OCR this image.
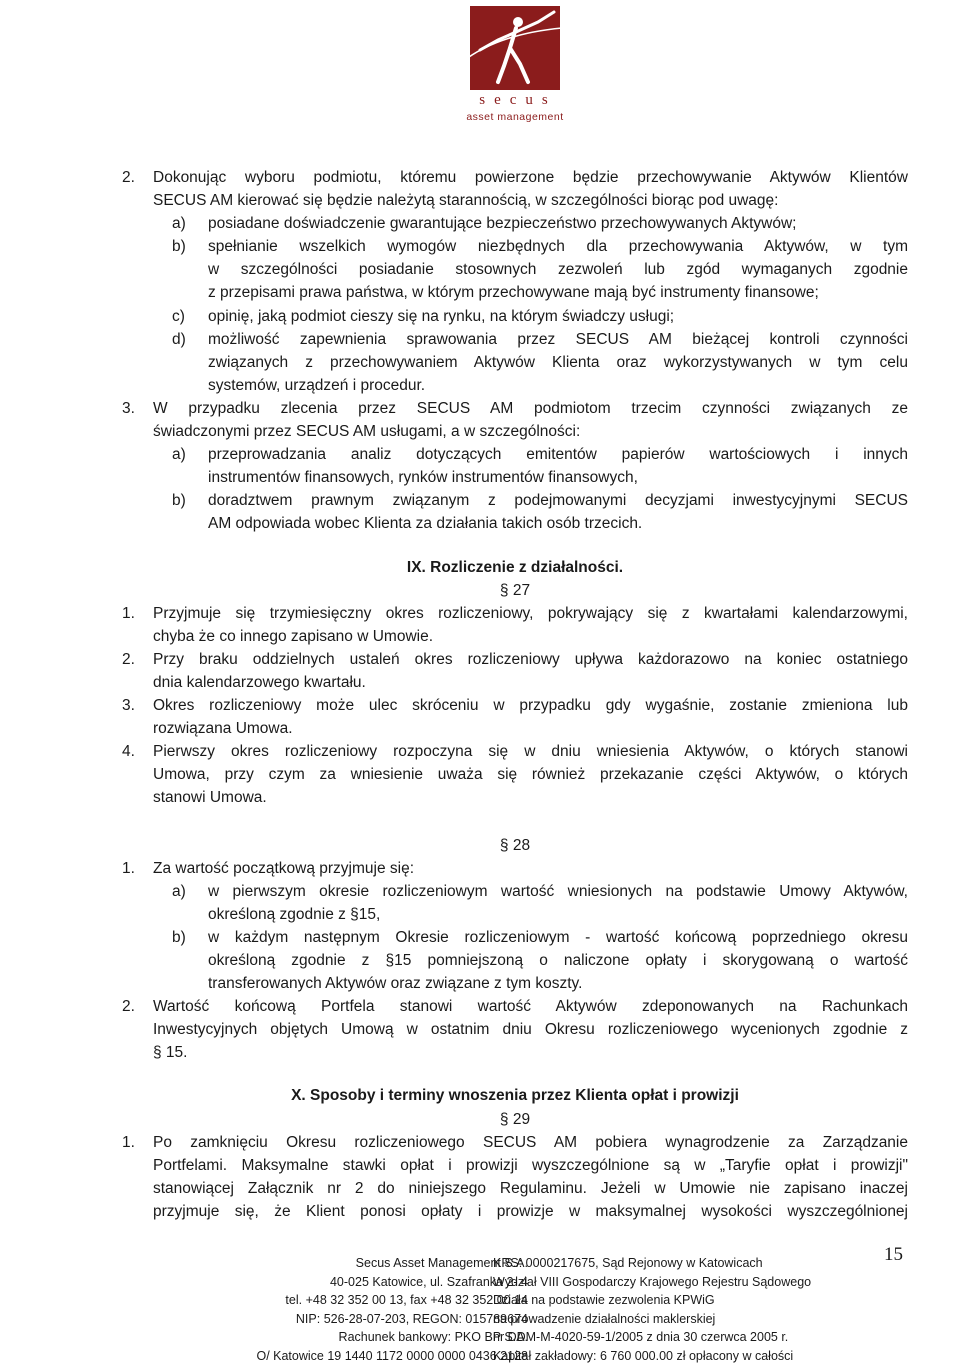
secus
asset management
2. Dokonując wyboru podmiotu, któremu powierzone będzie przechowywanie Aktywów Klientów
SECUS AM kierować się będzie należytą starannością, w szczególności biorąc pod uwagę:
a) posiadane doświadczenie gwarantujące bezpieczeństwo przechowywanych Aktywów;
b) spełnianie wszelkich wymogów niezbędnych dla przechowywania Aktywów, w tym
w szczególności posiadanie stosownych zezwoleń lub zgód wymaganych zgodnie
z przepisami prawa państwa, w którym przechowywane mają być instrumenty finansowe;
c) opinię, jaką podmiot cieszy się na rynku, na którym świadczy usługi;
d) możliwość zapewnienia sprawowania przez SECUS AM bieżącej kontroli czynności
związanych z przechowywaniem Aktywów Klienta oraz wykorzystywanych w tym celu
systemów, urządzeń i procedur.
3. W przypadku zlecenia przez SECUS AM podmiotom trzecim czynności związanych ze
świadczonymi przez SECUS AM usługami, a w szczególności:
a) przeprowadzania analiz dotyczących emitentów papierów wartościowych i innych
instrumentów finansowych, rynków instrumentów finansowych,
b) doradztwem prawnym związanym z podejmowanymi decyzjami inwestycyjnymi SECUS
AM odpowiada wobec Klienta za działania takich osób trzecich.
IX. Rozliczenie z działalności.
§ 27
1. Przyjmuje się trzymiesięczny okres rozliczeniowy, pokrywający się z kwartałami kalendarzowymi,
chyba że co innego zapisano w Umowie.
2. Przy braku oddzielnych ustaleń okres rozliczeniowy upływa każdorazowo na koniec ostatniego
dnia kalendarzowego kwartału.
3. Okres rozliczeniowy może ulec skróceniu w przypadku gdy wygaśnie, zostanie zmieniona lub
rozwiązana Umowa.
4. Pierwszy okres rozliczeniowy rozpoczyna się w dniu wniesienia Aktywów, o których stanowi
Umowa, przy czym za wniesienie uważa się również przekazanie części Aktywów, o których
stanowi Umowa.
§ 28
1. Za wartość początkową przyjmuje się:
a) w pierwszym okresie rozliczeniowym wartość wniesionych na podstawie Umowy Aktywów,
określoną zgodnie z §15,
b) w każdym następnym Okresie rozliczeniowym - wartość końcową poprzedniego okresu
określoną zgodnie z §15 pomniejszoną o naliczone opłaty i skorygowaną o wartość
transferowanych Aktywów oraz związane z tym koszty.
2. Wartość końcową Portfela stanowi wartość Aktywów zdeponowanych na Rachunkach
Inwestycyjnych objętych Umową w ostatnim dniu Okresu rozliczeniowego wycenionych zgodnie z
§ 15.
X. Sposoby i terminy wnoszenia przez Klienta opłat i prowizji
§ 29
1. Po zamknięciu Okresu rozliczeniowego SECUS AM pobiera wynagrodzenie za Zarządzanie
Portfelami. Maksymalne stawki opłat i prowizji wyszczególnione są w „Taryfie opłat i prowizji"
stanowiącej Załącznik nr 2 do niniejszego Regulaminu. Jeżeli w Umowie nie zapisano inaczej
przyjmuje się, że Klient ponosi opłaty i prowizje w maksymalnej wysokości wyszczególnionej
Secus Asset Management S.A.
40-025 Katowice, ul. Szafranka 2- 4
tel. +48 32 352 00 13, fax +48 32 352 00 14
NIP: 526-28-07-203, REGON: 015789674
Rachunek bankowy: PKO BP S.A.
O/ Katowice 19 1440 1172 0000 0000 0436 2128
KRS: 0000217675, Sąd Rejonowy w Katowicach
Wydział VIII Gospodarczy Krajowego Rejestru Sądowego
Działa na podstawie zezwolenia KPWiG
na prowadzenie działalności maklerskiej
nr DDM-M-4020-59-1/2005 z dnia 30 czerwca 2005 r.
Kapitał zakładowy: 6 760 000.00 zł opłacony w całości
15
